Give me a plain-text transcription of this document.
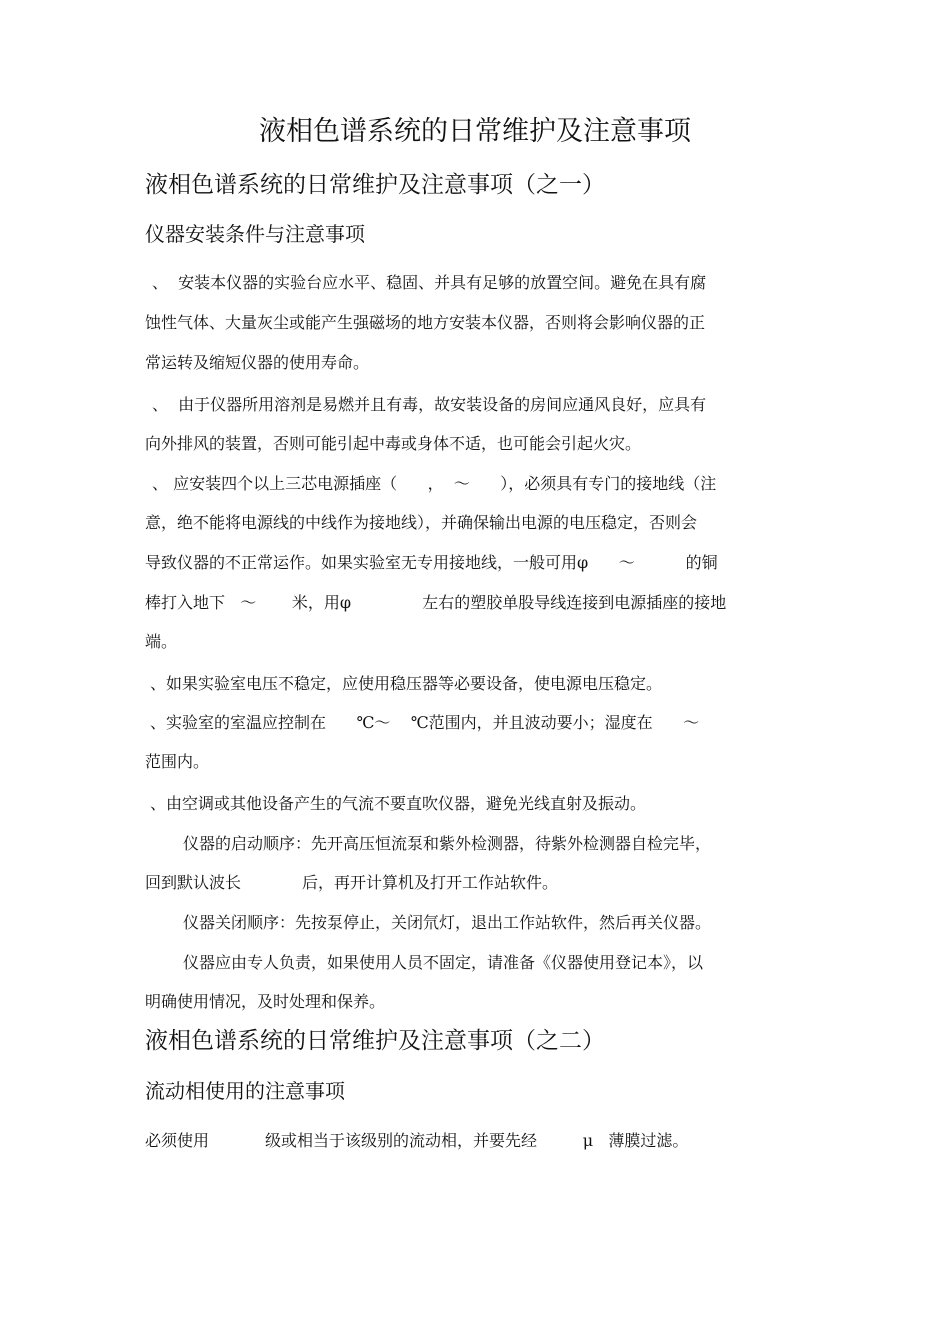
液相色谱系统的日常维护及注意事项
液相色谱系统的日常维护及注意事项（之一）
仪器安装条件与注意事项
、  安装本仪器的实验台应水平、稳固、并具有足够的放置空间。避免在具有腐
蚀性气体、大量灰尘或能产生强磁场的地方安装本仪器，否则将会影响仪器的正
常运转及缩短仪器的使用寿命。
、  由于仪器所用溶剂是易燃并且有毒，故安装设备的房间应通风良好，应具有
向外排风的装置，否则可能引起中毒或身体不适，也可能会引起火灾。
、 应安装四个以上三芯电源插座（      ，  ～      ），必须具有专门的接地线（注
意，绝不能将电源线的中线作为接地线），并确保输出电源的电压稳定，否则会
导致仪器的不正常运作。如果实验室无专用接地线，一般可用φ      ～          的铜
棒打入地下   ～       米，用φ              左右的塑胶单股导线连接到电源插座的接地
端。
、如果实验室电压不稳定，应使用稳压器等必要设备，使电源电压稳定。
、实验室的室温应控制在      ℃～    ℃范围内，并且波动要小；湿度在      ～
范围内。
、由空调或其他设备产生的气流不要直吹仪器，避免光线直射及振动。
仪器的启动顺序：先开高压恒流泵和紫外检测器，待紫外检测器自检完毕，
回到默认波长            后，再开计算机及打开工作站软件。
仪器关闭顺序：先按泵停止，关闭氘灯，退出工作站软件，然后再关仪器。
仪器应由专人负责，如果使用人员不固定，请准备《仪器使用登记本》，以
明确使用情况，及时处理和保养。
液相色谱系统的日常维护及注意事项（之二）
流动相使用的注意事项
必须使用           级或相当于该级别的流动相，并要先经         μ   薄膜过滤。
